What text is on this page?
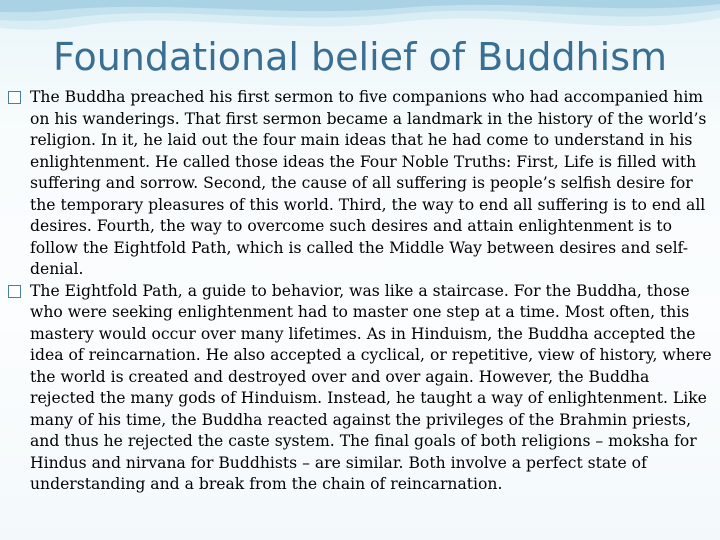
Foundational belief of Buddhism
The Buddha preached his first sermon to five companions who had accompanied him on his wanderings. That first sermon became a landmark in the history of the world’s religion. In it, he laid out the four main ideas that he had come to understand in his enlightenment. He called those ideas the Four Noble Truths: First, Life is filled with suffering and sorrow. Second, the cause of all suffering is people’s selfish desire for the temporary pleasures of this world. Third, the way to end all suffering is to end all desires. Fourth, the way to overcome such desires and attain enlightenment is to follow the Eightfold Path, which is called the Middle Way between desires and self-denial.
The Eightfold Path, a guide to behavior, was like a staircase. For the Buddha, those who were seeking enlightenment had to master one step at a time. Most often, this mastery would occur over many lifetimes. As in Hinduism, the Buddha accepted the idea of reincarnation. He also accepted a cyclical, or repetitive, view of history, where the world is created and destroyed over and over again. However, the Buddha rejected the many gods of Hinduism. Instead, he taught a way of enlightenment. Like many of his time, the Buddha reacted against the privileges of the Brahmin priests, and thus he rejected the caste system. The final goals of both religions – moksha for Hindus and nirvana for Buddhists – are similar. Both involve a perfect state of understanding and a break from the chain of reincarnation.
